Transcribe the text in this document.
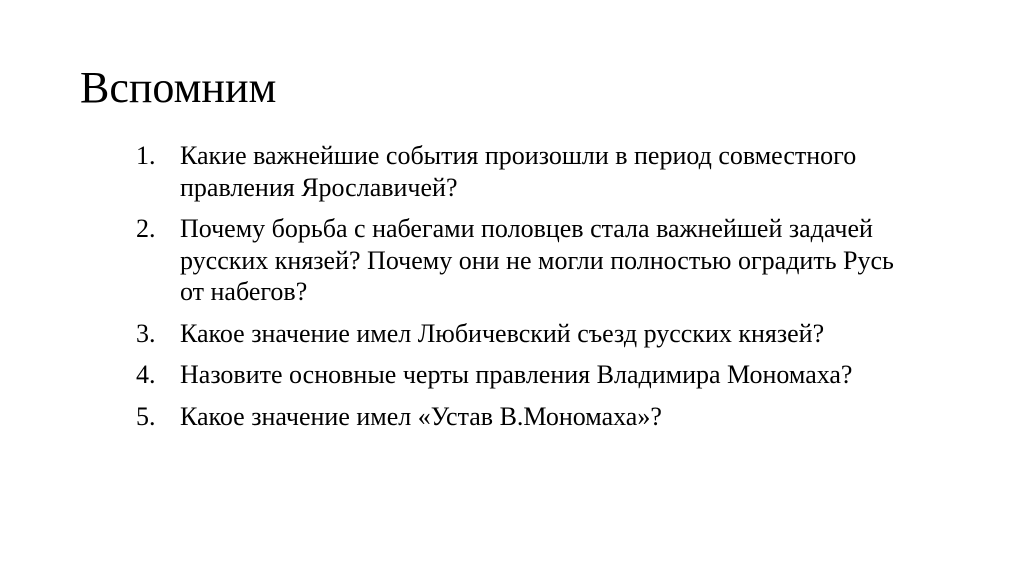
Вспомним
1. Какие важнейшие события произошли в период совместного правления Ярославичей?
2. Почему борьба с набегами половцев стала важнейшей задачей русских князей? Почему они не могли полностью оградить Русь от набегов?
3. Какое значение имел Любичевский съезд русских князей?
4. Назовите основные черты правления Владимира Мономаха?
5. Какое значение имел «Устав В.Мономаха»?
